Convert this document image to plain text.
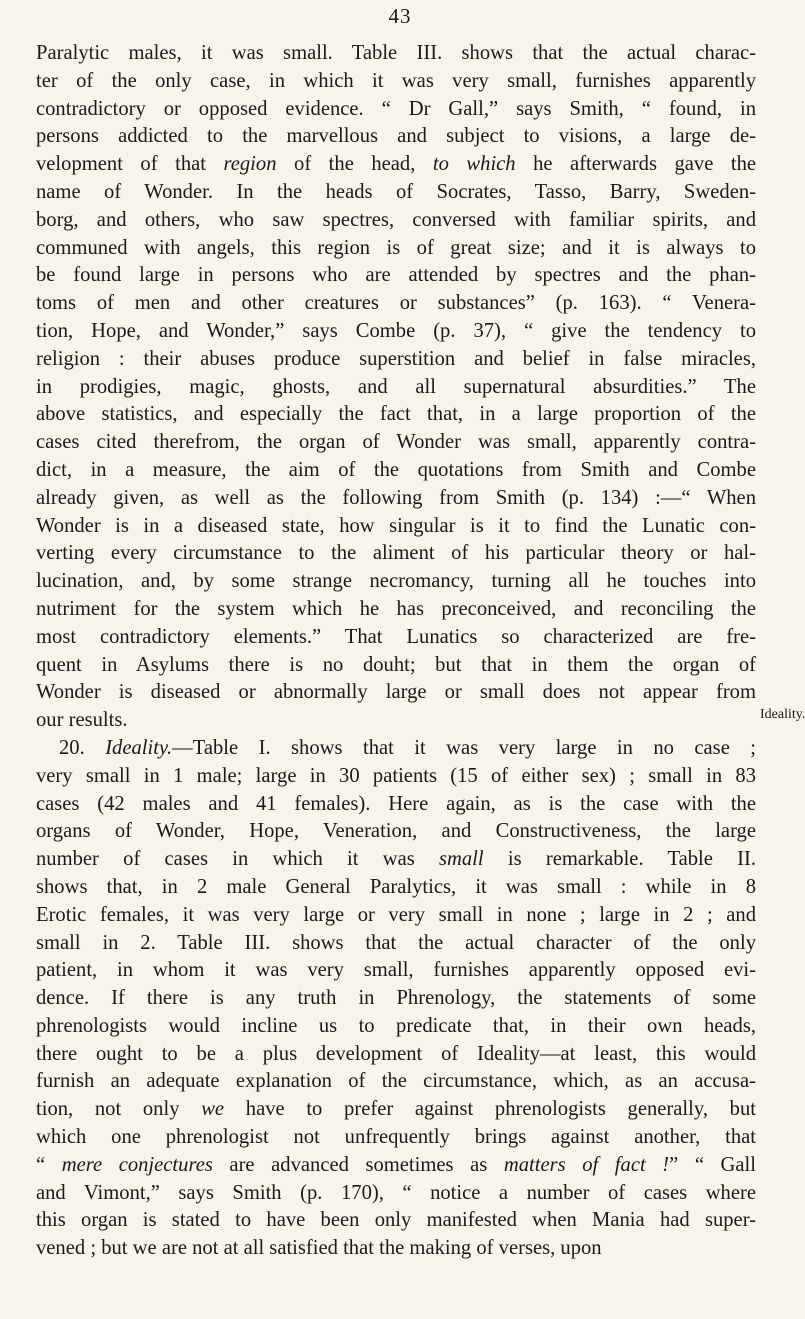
43
Paralytic males, it was small. Table III. shows that the actual charac-
ter of the only case, in which it was very small, furnishes apparently
contradictory or opposed evidence. “ Dr Gall,” says Smith, “ found, in
persons addicted to the marvellous and subject to visions, a large de-
velopment of that region of the head, to which he afterwards gave the
name of Wonder. In the heads of Socrates, Tasso, Barry, Sweden-
borg, and others, who saw spectres, conversed with familiar spirits, and
communed with angels, this region is of great size; and it is always to
be found large in persons who are attended by spectres and the phan-
toms of men and other creatures or substances” (p. 163). “ Venera-
tion, Hope, and Wonder,” says Combe (p. 37), “ give the tendency to
religion : their abuses produce superstition and belief in false miracles,
in prodigies, magic, ghosts, and all supernatural absurdities.” The
above statistics, and especially the fact that, in a large proportion of the
cases cited therefrom, the organ of Wonder was small, apparently contra-
dict, in a measure, the aim of the quotations from Smith and Combe
already given, as well as the following from Smith (p. 134) :—“ When
Wonder is in a diseased state, how singular is it to find the Lunatic con-
verting every circumstance to the aliment of his particular theory or hal-
lucination, and, by some strange necromancy, turning all he touches into
nutriment for the system which he has preconceived, and reconciling the
most contradictory elements.” That Lunatics so characterized are fre-
quent in Asylums there is no douht; but that in them the organ of
Wonder is diseased or abnormally large or small does not appear from
our results.
20. Ideality.—Table I. shows that it was very large in no case ;
very small in 1 male; large in 30 patients (15 of either sex) ; small in 83
cases (42 males and 41 females). Here again, as is the case with the
organs of Wonder, Hope, Veneration, and Constructiveness, the large
number of cases in which it was small is remarkable. Table II.
shows that, in 2 male General Paralytics, it was small : while in 8
Erotic females, it was very large or very small in none ; large in 2 ; and
small in 2. Table III. shows that the actual character of the only
patient, in whom it was very small, furnishes apparently opposed evi-
dence. If there is any truth in Phrenology, the statements of some
phrenologists would incline us to predicate that, in their own heads,
there ought to be a plus development of Ideality—at least, this would
furnish an adequate explanation of the circumstance, which, as an accusa-
tion, not only we have to prefer against phrenologists generally, but
which one phrenologist not unfrequently brings against another, that
“ mere conjectures are advanced sometimes as matters of fact !” “ Gall
and Vimont,” says Smith (p. 170), “ notice a number of cases where
this organ is stated to have been only manifested when Mania had super-
vened ; but we are not at all satisfied that the making of verses, upon
Ideality.
